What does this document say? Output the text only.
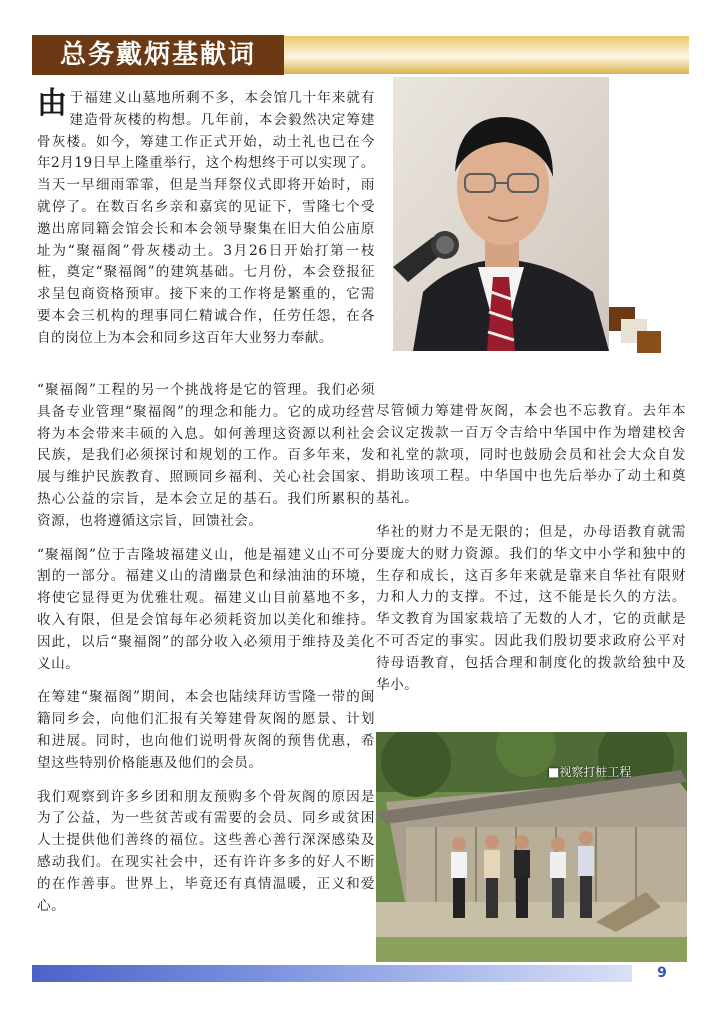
总务戴炳基献词

由于福建义山墓地所剩不多，本会馆几十年来就有建造骨灰楼的构想。几年前，本会毅然决定筹建骨灰楼。如今，筹建工作正式开始，动土礼也已在今年2月19日早上隆重举行，这个构想终于可以实现了。当天一早细雨霏霏，但是当拜祭仪式即将开始时，雨就停了。在数百名乡亲和嘉宾的见证下，雪隆七个受邀出席同籍会馆会长和本会领导聚集在旧大伯公庙原址为“聚福阁”骨灰楼动土。3月26日开始打第一枝桩，奠定“聚福阁”的建筑基础。七月份，本会登报征求呈包商资格预审。接下来的工作将是繁重的，它需要本会三机构的理事同仁精诚合作，任劳任怨，在各自的岗位上为本会和同乡这百年大业努力奉献。

“聚福阁”工程的另一个挑战将是它的管理。我们必须具备专业管理“聚福阁”的理念和能力。它的成功经营将为本会带来丰硕的入息。如何善理这资源以利社会民族，是我们必须探讨和规划的工作。百多年来，发展与维护民族教育、照顾同乡福利、关心社会国家、热心公益的宗旨，是本会立足的基石。我们所累积的资源，也将遵循这宗旨，回馈社会。

“聚福阁”位于吉隆坡福建义山，他是福建义山不可分割的一部分。福建义山的清幽景色和绿油油的环境，将使它显得更为优雅壮观。福建义山目前墓地不多，收入有限，但是会馆每年必须耗资加以美化和维持。因此，以后“聚福阁”的部分收入必须用于维持及美化义山。

在筹建“聚福阁”期间，本会也陆续拜访雪隆一带的闽籍同乡会，向他们汇报有关筹建骨灰阁的愿景、计划和进展。同时，也向他们说明骨灰阁的预售优惠，希望这些特别价格能惠及他们的会员。

我们观察到许多乡团和朋友预购多个骨灰阁的原因是为了公益，为一些贫苦或有需要的会员、同乡或贫困人士提供他们善终的福位。这些善心善行深深感染及感动我们。在现实社会中，还有许许多多的好人不断的在作善事。世界上，毕竟还有真情温暖，正义和爱心。

尽管倾力筹建骨灰阁，本会也不忘教育。去年本会议定拨款一百万令吉给中华国中作为增建校舍和礼堂的款项，同时也鼓励会员和社会大众自发捐助该项工程。中华国中也先后举办了动土和奠基礼。

华社的财力不是无限的；但是，办母语教育就需要庞大的财力资源。我们的华文中小学和独中的生存和成长，这百多年来就是靠来自华社有限财力和人力的支撑。不过，这不能是长久的方法。华文教育为国家栽培了无数的人才，它的贡献是不可否定的事实。因此我们殷切要求政府公平对待母语教育，包括合理和制度化的拨款给独中及华小。

■视察打桩工程
9
